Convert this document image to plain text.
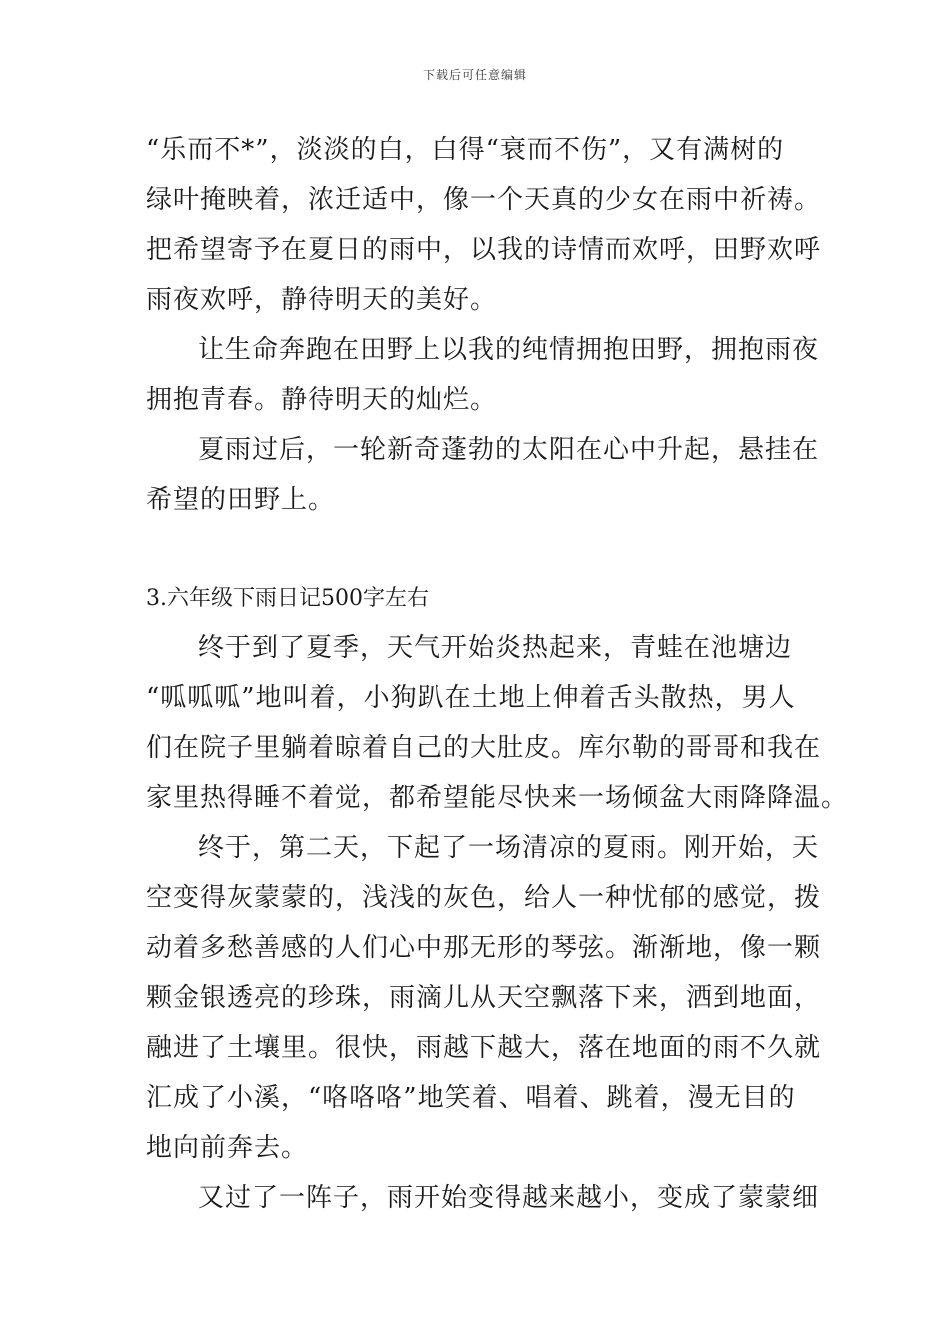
下载后可任意编辑
“乐而不*”，淡淡的白，白得“衰而不伤”，又有满树的
绿叶掩映着，浓迁适中，像一个天真的少女在雨中祈祷。
把希望寄予在夏日的雨中，以我的诗情而欢呼，田野欢呼
雨夜欢呼，静待明天的美好。
让生命奔跑在田野上以我的纯情拥抱田野，拥抱雨夜
拥抱青春。静待明天的灿烂。
夏雨过后，一轮新奇蓬勃的太阳在心中升起，悬挂在
希望的田野上。
3.六年级下雨日记500字左右
终于到了夏季，天气开始炎热起来，青蛙在池塘边
“呱呱呱”地叫着，小狗趴在土地上伸着舌头散热，男人
们在院子里躺着晾着自己的大肚皮。库尔勒的哥哥和我在
家里热得睡不着觉，都希望能尽快来一场倾盆大雨降降温。
终于，第二天，下起了一场清凉的夏雨。刚开始，天
空变得灰蒙蒙的，浅浅的灰色，给人一种忧郁的感觉，拨
动着多愁善感的人们心中那无形的琴弦。渐渐地，像一颗
颗金银透亮的珍珠，雨滴儿从天空飘落下来，洒到地面，
融进了土壤里。很快，雨越下越大，落在地面的雨不久就
汇成了小溪，“咯咯咯”地笑着、唱着、跳着，漫无目的
地向前奔去。
又过了一阵子，雨开始变得越来越小，变成了蒙蒙细
